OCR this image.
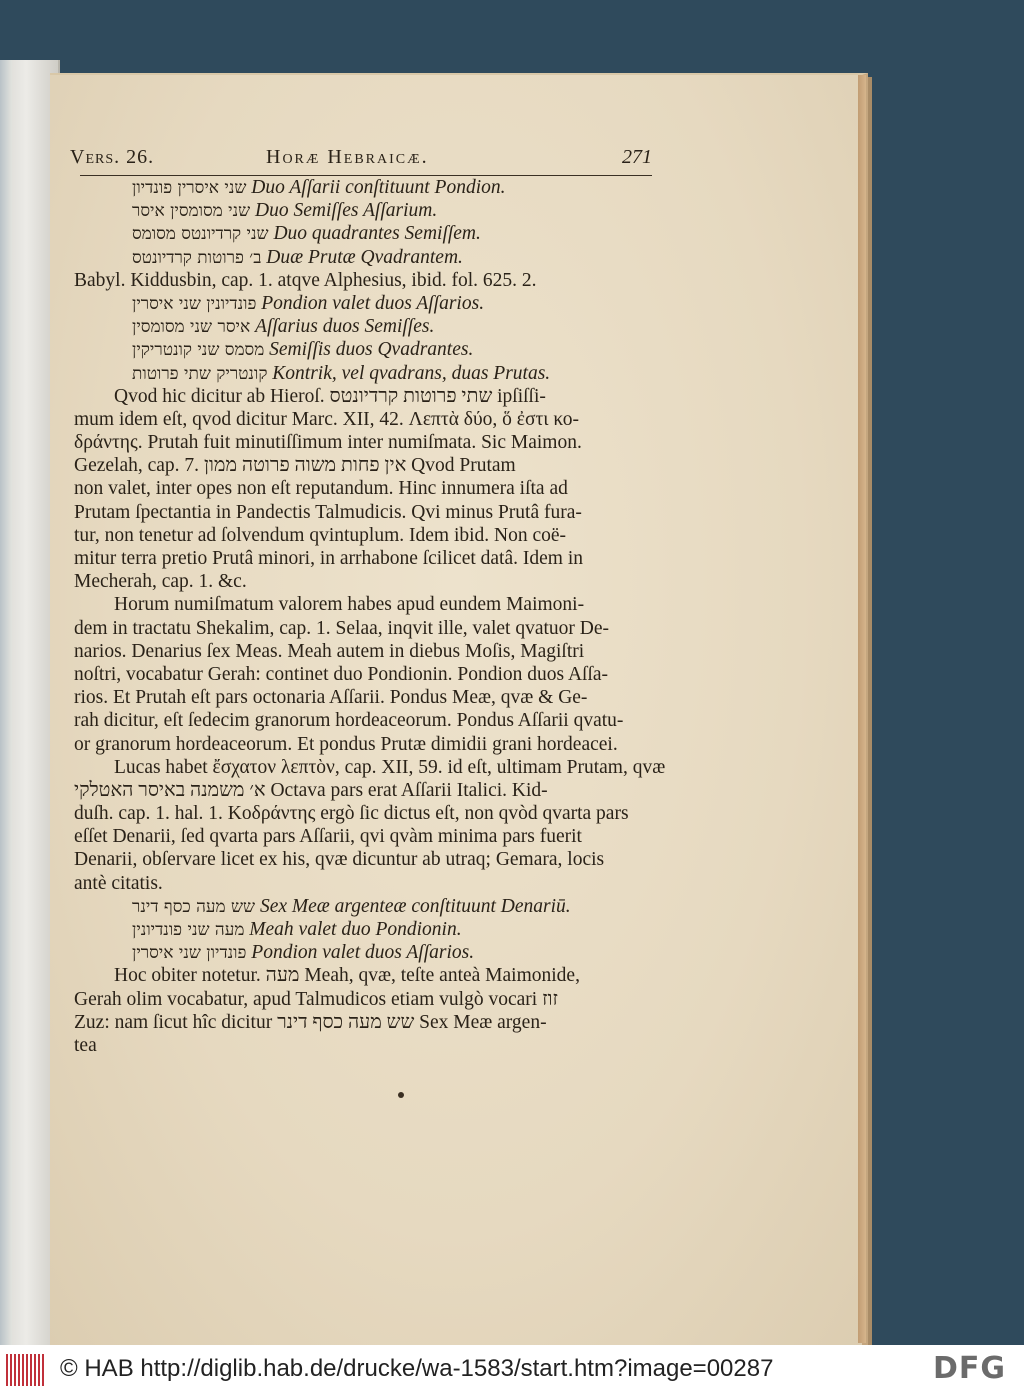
Vers. 26.	Horæ Hebraicæ.	271
שני איסרין פונדיון Duo Aſſarii conſtituunt Pondion.
שני מסומסין איסר Duo Semiſſes Aſſarium.
שני קרדיונטס מסומס Duo quadrantes Semiſſem.
ב׳ פרוטות קרדיונטס Duæ Prutæ Qvadrantem.
Babyl. Kiddusbin, cap. 1. atqve Alphesius, ibid. fol. 625. 2.
פונדיונין שני איסרין Pondion valet duos Aſſarios.
איסר שני מסומסין Aſſarius duos Semiſſes.
מסמס שני קונטריקין Semiſſis duos Qvadrantes.
קונטריק שתי פרוטות Kontrik, vel qvadrans, duas Prutas.
Qvod hic dicitur ab Hieroſ. שתי פרוטות קרדיונטס ipſiſſi-
mum idem eſt, qvod dicitur Marc. XII, 42. Λεπτὰ δύο, ὅ ἐστι κο-
δράντης. Prutah fuit minutiſſimum inter numiſmata. Sic Maimon.
Gezelah, cap. 7. אין פחות משוה פרוטה ממון Qvod Prutam
non valet, inter opes non eſt reputandum. Hinc innumera iſta ad
Prutam ſpectantia in Pandectis Talmudicis. Qvi minus Prutâ fura-
tur, non tenetur ad ſolvendum qvintuplum. Idem ibid. Non coë-
mitur terra pretio Prutâ minori, in arrhabone ſcilicet datâ. Idem in
Mecherah, cap. 1. &c.
Horum numiſmatum valorem habes apud eundem Maimoni-
dem in tractatu Shekalim, cap. 1. Selaa, inqvit ille, valet qvatuor De-
narios. Denarius ſex Meas. Meah autem in diebus Moſis, Magiſtri
noſtri, vocabatur Gerah: continet duo Pondionin. Pondion duos Aſſa-
rios. Et Prutah eſt pars octonaria Aſſarii. Pondus Meæ, qvæ & Ge-
rah dicitur, eſt ſedecim granorum hordeaceorum. Pondus Aſſarii qvatu-
or granorum hordeaceorum. Et pondus Prutæ dimidii grani hordeacei.
Lucas habet ἔσχατον λεπτὸν, cap. XII, 59. id eſt, ultimam Prutam, qvæ
א׳ משמנה באיסר האטלקי Octava pars erat Aſſarii Italici. Kid-
duſh. cap. 1. hal. 1. Κοδράντης ergò ſic dictus eſt, non qvòd qvarta pars
eſſet Denarii, ſed qvarta pars Aſſarii, qvi qvàm minima pars fuerit
Denarii, obſervare licet ex his, qvæ dicuntur ab utraq; Gemara, locis
antè citatis.
שש מעה כסף דינר Sex Meæ argenteæ conſtituunt Denariū.
מעה שני פונדיונין Meah valet duo Pondionin.
פונדיון שני איסרין Pondion valet duos Aſſarios.
Hoc obiter notetur. מעה Meah, qvæ, teſte anteà Maimonide,
Gerah olim vocabatur, apud Talmudicos etiam vulgò vocari זוז
Zuz: nam ſicut hîc dicitur שש מעה כסף דינר Sex Meæ argen-
tea
© HAB http://diglib.hab.de/drucke/wa-1583/start.htm?image=00287	DFG
